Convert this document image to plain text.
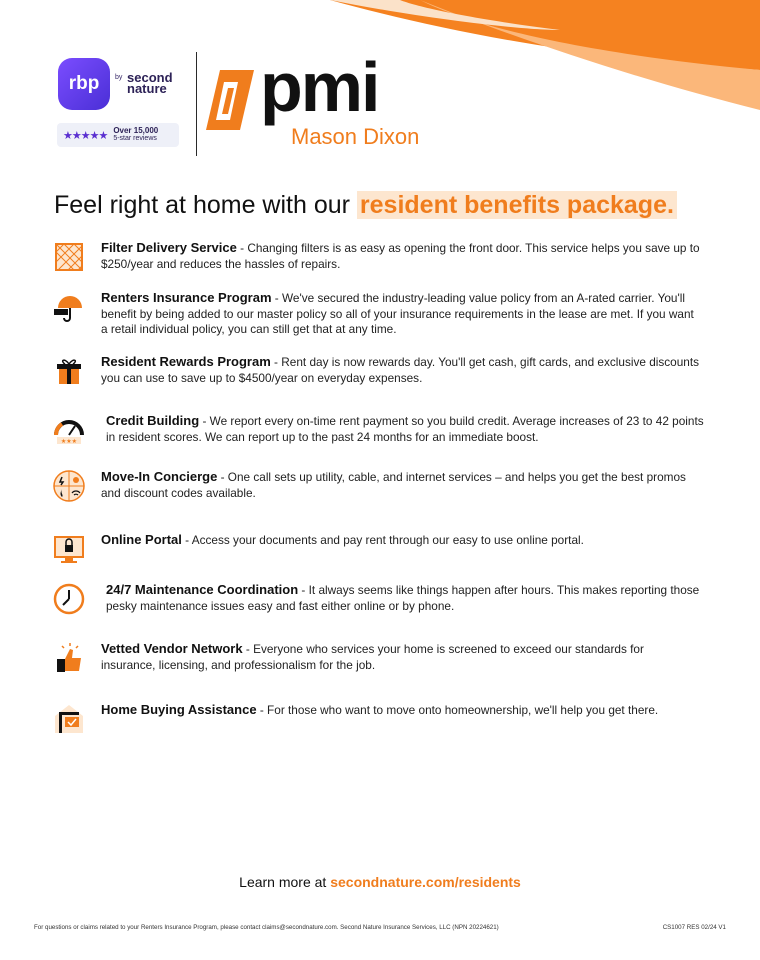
rbp by second nature
★★★★★ Over 15,000
5-star reviews
pmi
Mason Dixon
Feel right at home with our resident benefits package.
Filter Delivery Service - Changing filters is as easy as opening the front door. This service helps you save up to $250/year and reduces the hassles of repairs.
Renters Insurance Program - We've secured the industry-leading value policy from an A-rated carrier. You'll benefit by being added to our master policy so all of your insurance requirements in the lease are met. If you want a retail individual policy, you can still get that at any time.
Resident Rewards Program - Rent day is now rewards day. You'll get cash, gift cards, and exclusive discounts you can use to save up to $4500/year on everyday expenses.
★★★
Credit Building - We report every on-time rent payment so you build credit. Average increases of 23 to 42 points in resident scores. We can report up to the past 24 months for an immediate boost.
Move-In Concierge - One call sets up utility, cable, and internet services – and helps you get the best promos and discount codes available.
Online Portal - Access your documents and pay rent through our easy to use online portal.
24/7 Maintenance Coordination - It always seems like things happen after hours. This makes reporting those pesky maintenance issues easy and fast either online or by phone.
Vetted Vendor Network - Everyone who services your home is screened to exceed our standards for insurance, licensing, and professionalism for the job.
Home Buying Assistance - For those who want to move onto homeownership, we'll help you get there.
Learn more at secondnature.com/residents
For questions or claims related to your Renters Insurance Program, please contact claims@secondnature.com. Second Nature Insurance Services, LLC (NPN 20224621)	CS1007 RES 02/24 V1
